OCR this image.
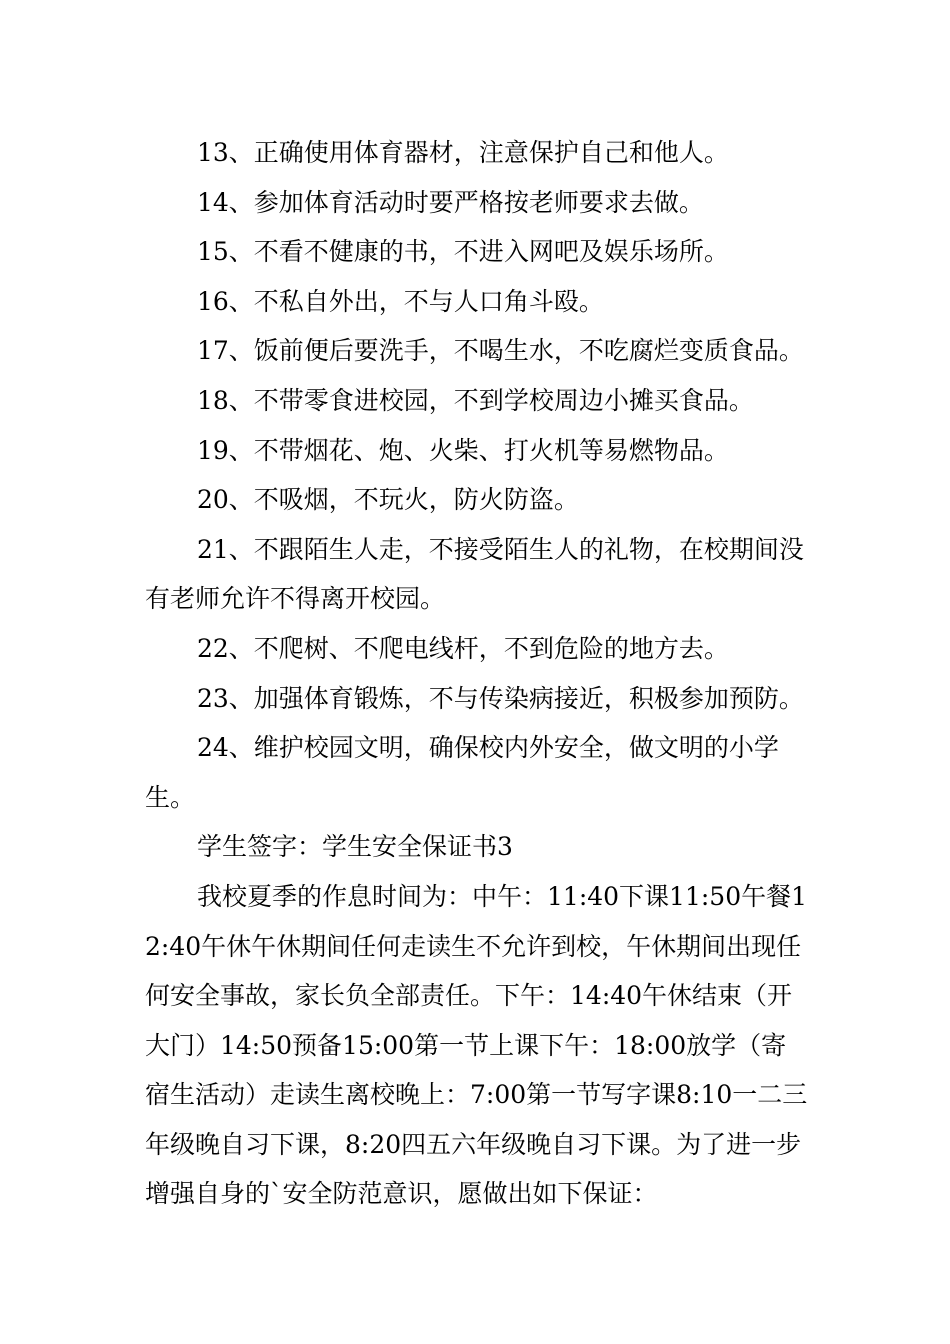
13、正确使用体育器材，注意保护自己和他人。

14、参加体育活动时要严格按老师要求去做。

15、不看不健康的书，不进入网吧及娱乐场所。

16、不私自外出，不与人口角斗殴。

17、饭前便后要洗手，不喝生水，不吃腐烂变质食品。

18、不带零食进校园，不到学校周边小摊买食品。

19、不带烟花、炮、火柴、打火机等易燃物品。

20、不吸烟，不玩火，防火防盗。

21、不跟陌生人走，不接受陌生人的礼物，在校期间没有老师允许不得离开校园。

22、不爬树、不爬电线杆，不到危险的地方去。

23、加强体育锻炼，不与传染病接近，积极参加预防。

24、维护校园文明，确保校内外安全，做文明的小学生。

学生签字：学生安全保证书3

我校夏季的作息时间为：中午：11:40下课11:50午餐12:40午休午休期间任何走读生不允许到校，午休期间出现任何安全事故，家长负全部责任。下午：14:40午休结束（开大门）14:50预备15:00第一节上课下午：18:00放学（寄宿生活动）走读生离校晚上：7:00第一节写字课8:10一二三年级晚自习下课，8:20四五六年级晚自习下课。为了进一步增强自身的`安全防范意识，愿做出如下保证：
